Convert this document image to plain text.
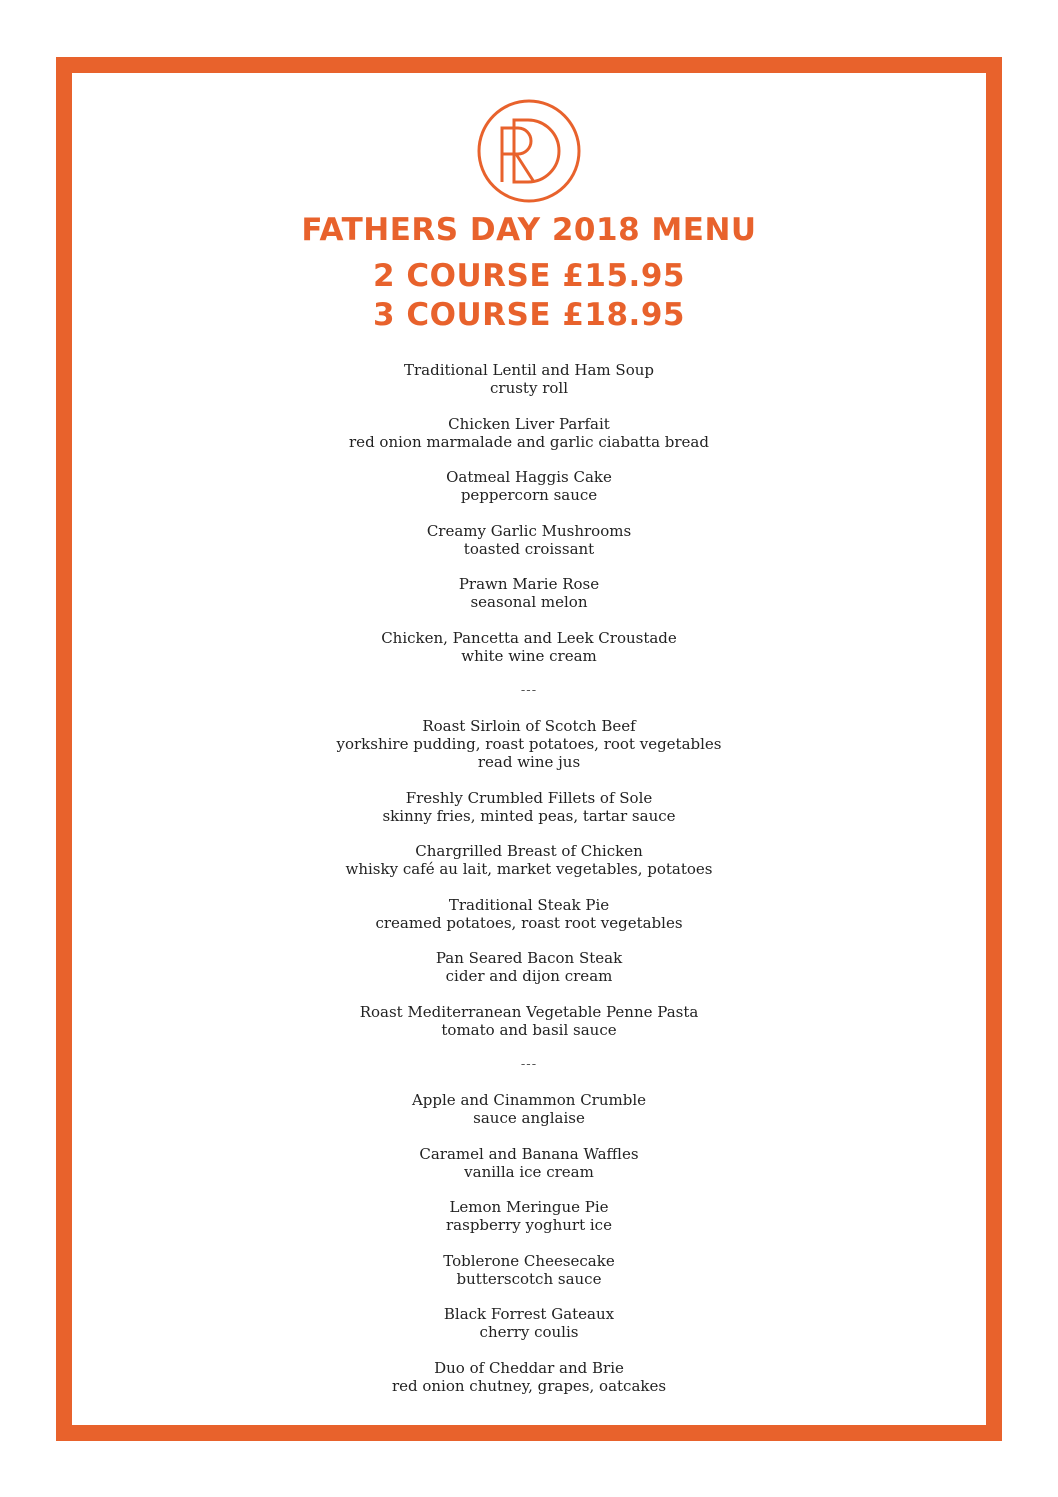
FATHERS DAY 2018 MENU
2 COURSE £15.95
3 COURSE £18.95
Traditional Lentil and Ham Soup
crusty roll
Chicken Liver Parfait
red onion marmalade and garlic ciabatta bread
Oatmeal Haggis Cake
peppercorn sauce
Creamy Garlic Mushrooms
toasted croissant
Prawn Marie Rose
seasonal melon
Chicken, Pancetta and Leek Croustade
white wine cream
---
Roast Sirloin of Scotch Beef
yorkshire pudding, roast potatoes, root vegetables
read wine jus
Freshly Crumbled Fillets of Sole
skinny fries, minted peas, tartar sauce
Chargrilled Breast of Chicken
whisky café au lait, market vegetables, potatoes
Traditional Steak Pie
creamed potatoes, roast root vegetables
Pan Seared Bacon Steak
cider and dijon cream
Roast Mediterranean Vegetable Penne Pasta
tomato and basil sauce
---
Apple and Cinammon Crumble
sauce anglaise
Caramel and Banana Waffles
vanilla ice cream
Lemon Meringue Pie
raspberry yoghurt ice
Toblerone Cheesecake
butterscotch sauce
Black Forrest Gateaux
cherry coulis
Duo of Cheddar and Brie
red onion chutney, grapes, oatcakes
